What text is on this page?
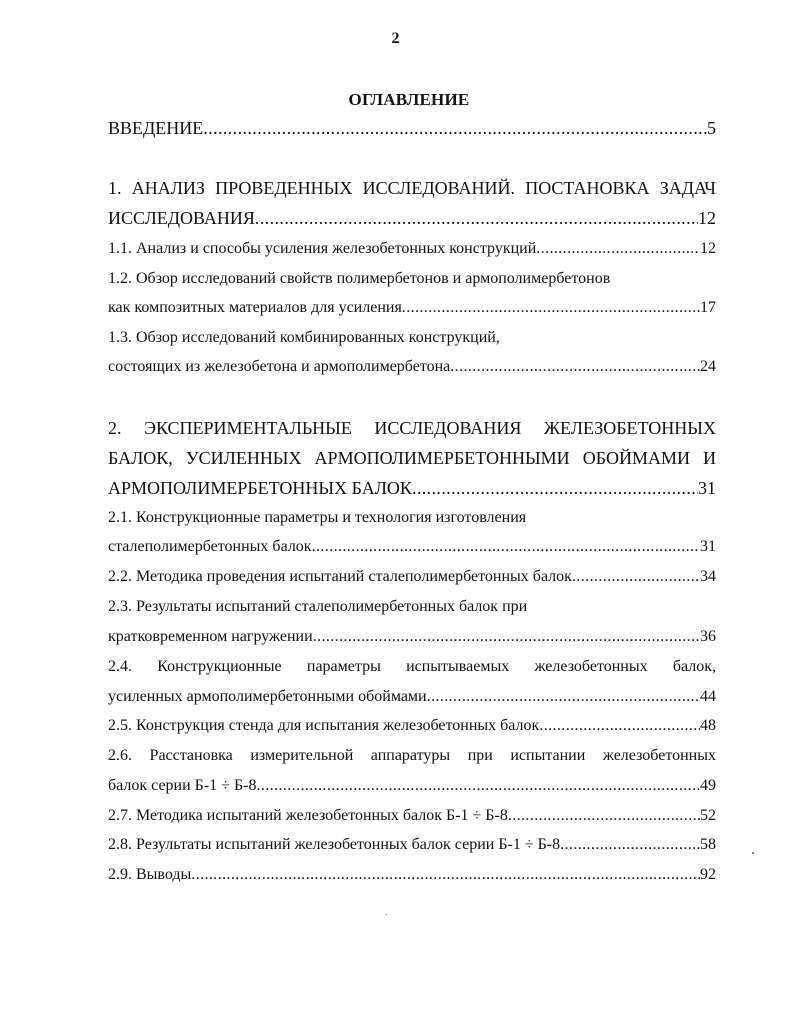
2
ОГЛАВЛЕНИЕ
ВВЕДЕНИЕ .....	5
1. АНАЛИЗ ПРОВЕДЕННЫХ ИССЛЕДОВАНИЙ. ПОСТАНОВКА ЗАДАЧ
ИССЛЕДОВАНИЯ .....	12
1.1. Анализ и способы усиления железобетонных конструкций .....	12
1.2. Обзор исследований свойств полимербетонов и армополимербетонов
как композитных материалов для усиления .....	17
1.3. Обзор исследований комбинированных конструкций,
состоящих из железобетона и армополимербетона .....	24
2. ЭКСПЕРИМЕНТАЛЬНЫЕ ИССЛЕДОВАНИЯ ЖЕЛЕЗОБЕТОННЫХ
БАЛОК, УСИЛЕННЫХ АРМОПОЛИМЕРБЕТОННЫМИ ОБОЙМАМИ И
АРМОПОЛИМЕРБЕТОННЫХ БАЛОК .....	31
2.1. Конструкционные параметры и технология изготовления
сталеполимербетонных балок .....	31
2.2. Методика проведения испытаний сталеполимербетонных балок .....	34
2.3. Результаты испытаний сталеполимербетонных балок при
кратковременном нагружении .....	36
2.4. Конструкционные параметры испытываемых железобетонных балок,
усиленных армополимербетонными обоймами .....	44
2.5. Конструкция стенда для испытания железобетонных балок .....	48
2.6. Расстановка измерительной аппаратуры при испытании железобетонных
балок серии Б-1 ÷ Б-8 .....	49
2.7. Методика испытаний железобетонных балок Б-1 ÷ Б-8 .....	52
2.8. Результаты испытаний железобетонных балок серии Б-1 ÷ Б-8 .....	58
2.9. Выводы .....	92
